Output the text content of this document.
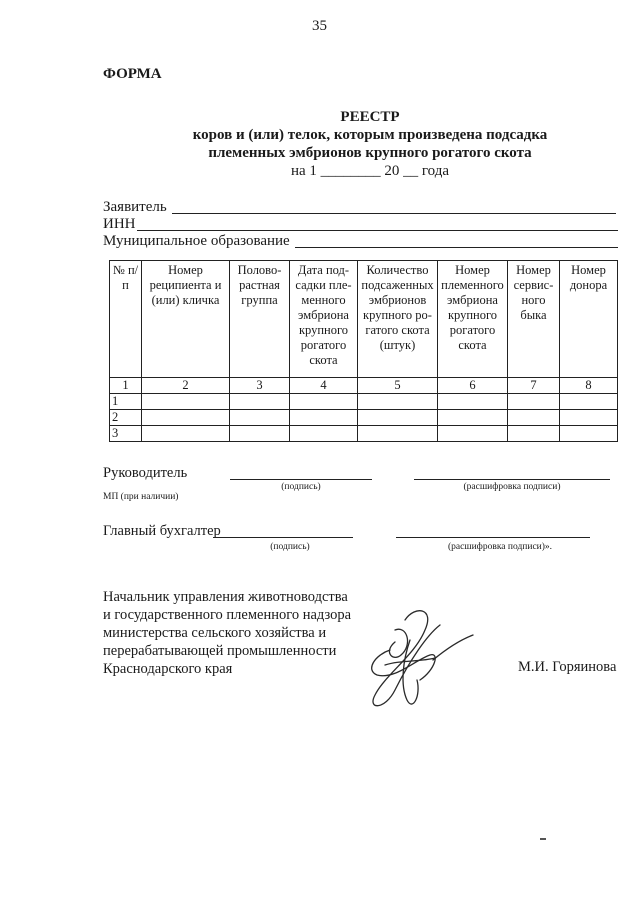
35
ФОРМА
РЕЕСТР
коров и (или) телок, которым произведена подсадка
племенных эмбрионов крупного рогатого скота
на 1 ________ 20 __ года
Заявитель
ИНН
Муниципальное образование
№ п/п	Номер реципиента и (или) кличка	Полово- растная группа	Дата под- садки пле- менного эмбриона крупного рогатого скота	Количество подсаженных эмбрионов крупного ро- гатого скота (штук)	Номер племенного эмбриона крупного рогатого скота	Номер сервис- ного быка	Номер донора
1	2	3	4	5	6	7	8
1							
2							
3							
Руководитель
(подпись)	(расшифровка подписи)
МП (при наличии)
Главный бухгалтер
(подпись)	(расшифровка подписи)».
Начальник управления животноводства
и государственного племенного надзора
министерства сельского хозяйства и
перерабатывающей промышленности
Краснодарского края	М.И. Горяинова
